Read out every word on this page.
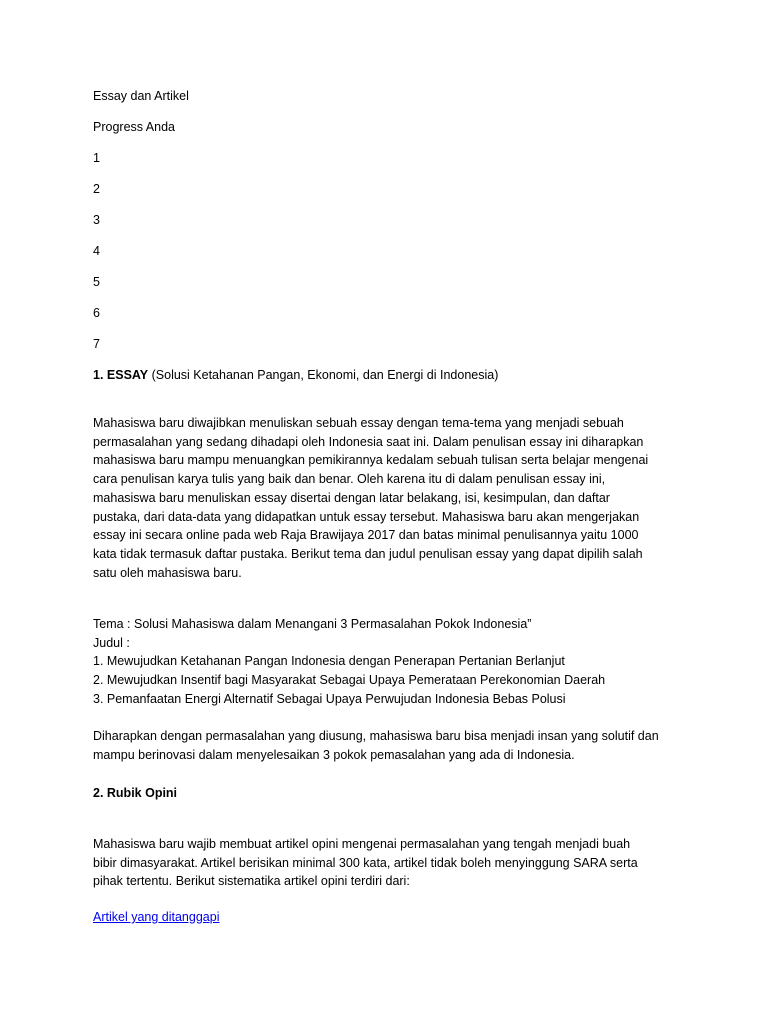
Essay dan Artikel
Progress Anda
1
2
3
4
5
6
7
1. ESSAY (Solusi Ketahanan Pangan, Ekonomi, dan Energi di Indonesia)
Mahasiswa baru diwajibkan menuliskan sebuah essay dengan tema-tema yang menjadi sebuah
permasalahan yang sedang dihadapi oleh Indonesia saat ini. Dalam penulisan essay ini diharapkan
mahasiswa baru mampu menuangkan pemikirannya kedalam sebuah tulisan serta belajar mengenai
cara penulisan karya tulis yang baik dan benar. Oleh karena itu di dalam penulisan essay ini,
mahasiswa baru menuliskan essay disertai dengan latar belakang, isi, kesimpulan, dan daftar
pustaka, dari data-data yang didapatkan untuk essay tersebut. Mahasiswa baru akan mengerjakan
essay ini secara online pada web Raja Brawijaya 2017 dan batas minimal penulisannya yaitu 1000
kata tidak termasuk daftar pustaka. Berikut tema dan judul penulisan essay yang dapat dipilih salah
satu oleh mahasiswa baru.
Tema : Solusi Mahasiswa dalam Menangani 3 Permasalahan Pokok Indonesia”
Judul :
1. Mewujudkan Ketahanan Pangan Indonesia dengan Penerapan Pertanian Berlanjut
2. Mewujudkan Insentif bagi Masyarakat Sebagai Upaya Pemerataan Perekonomian Daerah
3. Pemanfaatan Energi Alternatif Sebagai Upaya Perwujudan Indonesia Bebas Polusi
Diharapkan dengan permasalahan yang diusung, mahasiswa baru bisa menjadi insan yang solutif dan
mampu berinovasi dalam menyelesaikan 3 pokok pemasalahan yang ada di Indonesia.
2. Rubik Opini
Mahasiswa baru wajib membuat artikel opini mengenai permasalahan yang tengah menjadi buah
bibir dimasyarakat. Artikel berisikan minimal 300 kata, artikel tidak boleh menyinggung SARA serta
pihak tertentu. Berikut sistematika artikel opini terdiri dari:
Artikel yang ditanggapi
